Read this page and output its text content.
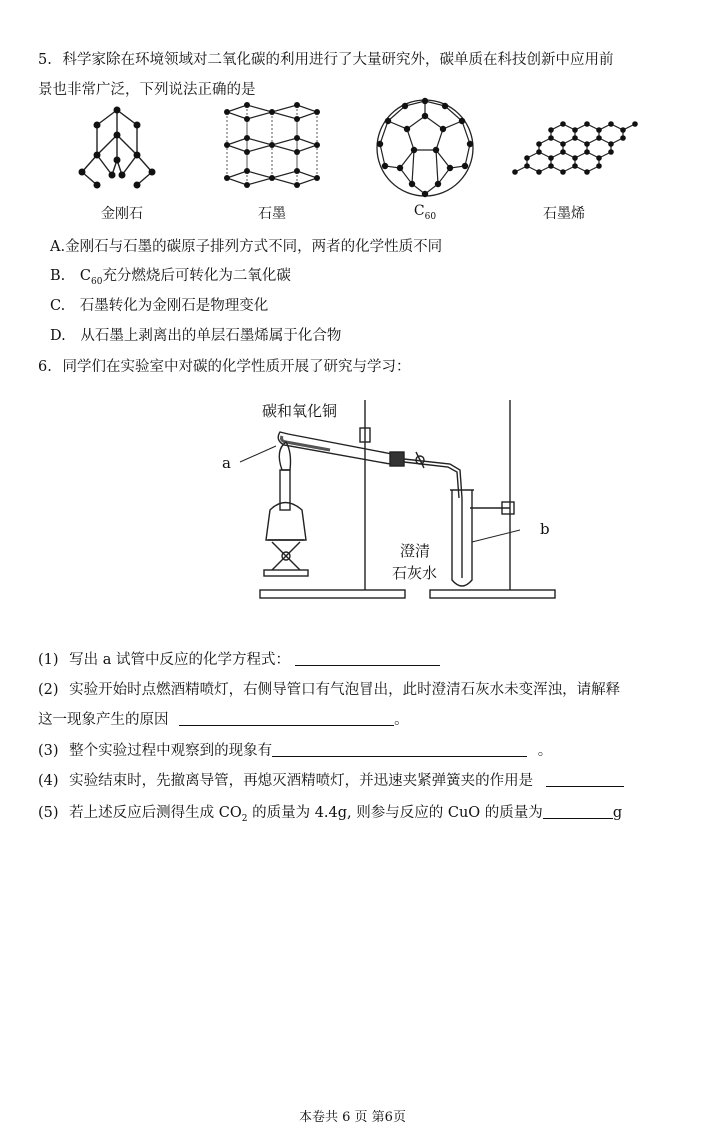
5. 科学家除在环境领域对二氧化碳的利用进行了大量研究外，碳单质在科技创新中应用前
景也非常广泛，下列说法正确的是
金刚石	石墨	$C_{60}$	石墨烯
A.金刚石与石墨的碳原子排列方式不同，两者的化学性质不同
B. $C_{60}$充分燃烧后可转化为二氧化碳
C. 石墨转化为金刚石是物理变化
D. 从石墨上剥离出的单层石墨烯属于化合物
6. 同学们在实验室中对碳的化学性质开展了研究与学习：
碳和氧化铜
a
b
澄清
石灰水
(1) 写出 a 试管中反应的化学方程式：
(2) 实验开始时点燃酒精喷灯，右侧导管口有气泡冒出，此时澄清石灰水未变浑浊，请解释
这一现象产生的原因	。
(3) 整个实验过程中观察到的现象有	。
(4) 实验结束时，先撤离导管，再熄灭酒精喷灯，并迅速夹紧弹簧夹的作用是
(5) 若上述反应后测得生成 $CO_2$ 的质量为 4.4g, 则参与反应的 CuO 的质量为	g
本卷共 6 页 第6页
